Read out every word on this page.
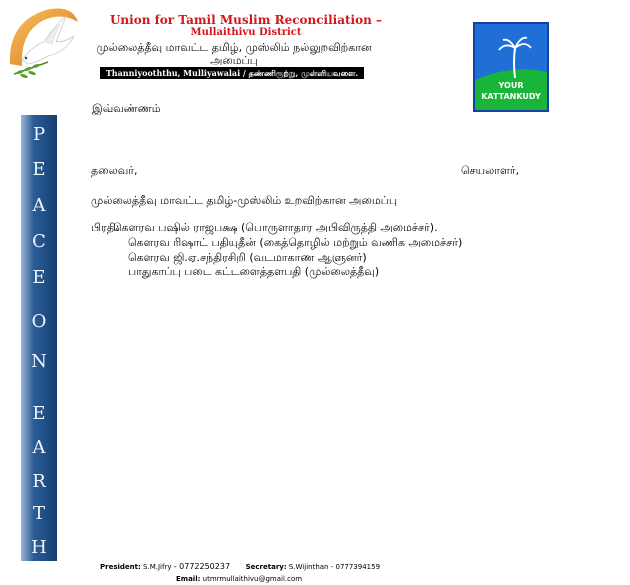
Union for Tamil Muslim Reconciliation –
Mullaithivu District
முல்லைத்தீவு மாவட்ட தமிழ், முஸ்லிம் நல்லுறவிற்கான அமைப்பு
Thanniyooththu, Mulliyawalai / தண்ணிரூற்று, முள்ளியவளை.
YOUR
KATTANKUDY
P
E
A
C
E
O
N
E
A
R
T
H
இவ்வண்ணம்
தலைவர்,	செயலாளர்,
முல்லைத்தீவு மாவட்ட தமிழ்-முஸ்லிம் உறவிற்கான அமைப்பு
பிரதி:
கௌரவ பஷில் ராஜபக்ஷ (பொருளாதார அபிவிருத்தி அமைச்சர்).
கௌரவ ரிஷாட் பதியுதீன் (கைத்தொழில் மற்றும் வணிக அமைச்சர்)
கௌரவ ஜி.ஏ.சந்திரசிறி (வடமாகாண ஆளுனர்)
பாதுகாப்பு படை கட்டளைத்தளபதி (முல்லைத்தீவு)
President: S.M.Jifry - 0772250237 Secretary: S.Wijinthan - 0777394159
Email: utmrmullaithivu@gmail.com
